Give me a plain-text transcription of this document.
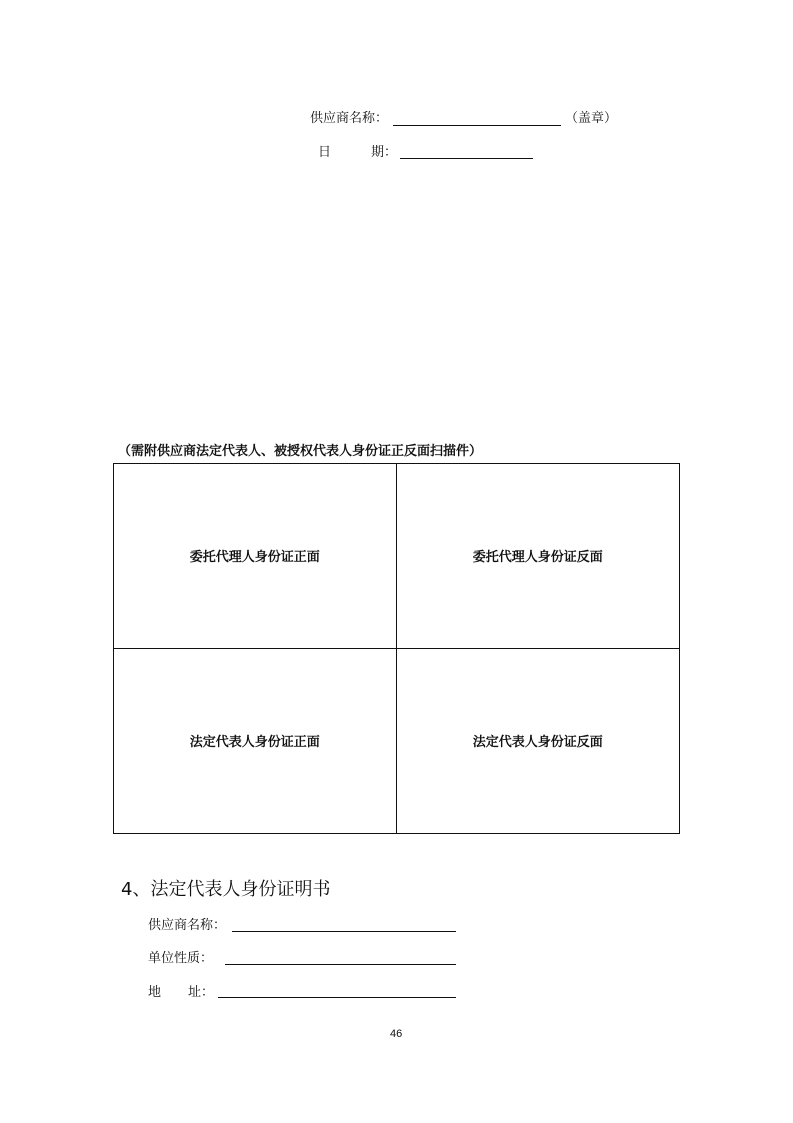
供应商名称：	（盖章）
日	期：
（需附供应商法定代表人、被授权代表人身份证正反面扫描件）
委托代理人身份证正面	委托代理人身份证反面
法定代表人身份证正面	法定代表人身份证反面
4、法定代表人身份证明书
供应商名称：
单位性质：
地 址：
46
